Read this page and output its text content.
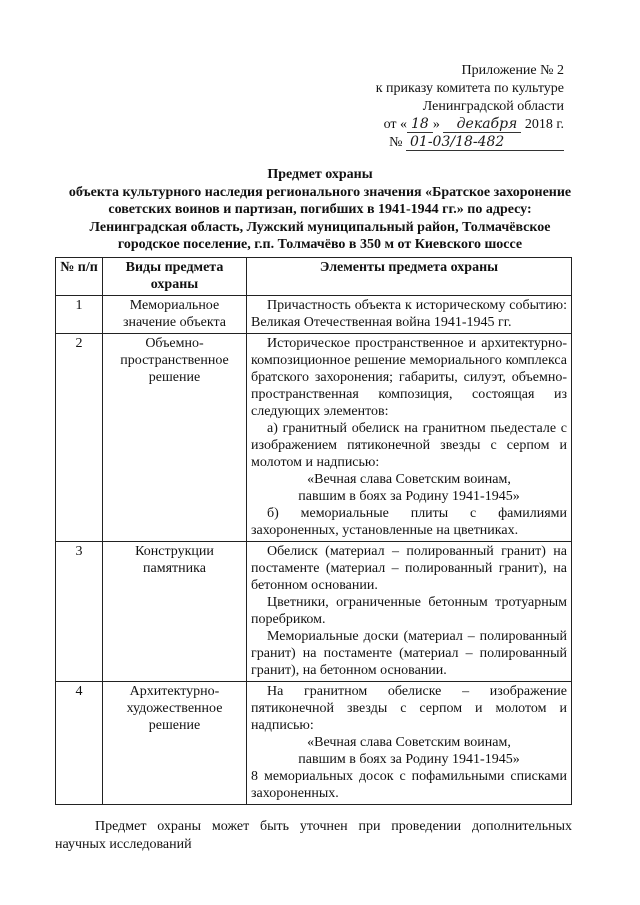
Приложение № 2
к приказу комитета по культуре
Ленинградской области
от « 18 » декабря 2018 г.
№ 01-03/18-482
Предмет охраны
объекта культурного наследия регионального значения «Братское захоронение
советских воинов и партизан, погибших в 1941-1944 гг.» по адресу:
Ленинградская область, Лужский муниципальный район, Толмачёвское
городское поселение, г.п. Толмачёво в 350 м от Киевского шоссе
№ п/п	Виды предмета охраны	Элементы предмета охраны
1	Мемориальное значение объекта	Причастность объекта к историческому событию: Великая Отечественная война 1941-1945 гг.

2	Объемно-пространственное решение	Историческое пространственное и архитектурно-композиционное решение мемориального комплекса братского захоронения; габариты, силуэт, объемно-пространственная композиция, состоящая из следующих элементов:
а) гранитный обелиск на гранитном пьедестале с изображением пятиконечной звезды с серпом и молотом и надписью:
«Вечная слава Советским воинам,
павшим в боях за Родину 1941-1945»
б) мемориальные плиты с фамилиями захороненных, установленные на цветниках.

3	Конструкции памятника	Обелиск (материал – полированный гранит) на постаменте (материал – полированный гранит), на бетонном основании.
Цветники, ограниченные бетонным тротуарным поребриком.
Мемориальные доски (материал – полированный гранит) на постаменте (материал – полированный гранит), на бетонном основании.

4	Архитектурно-художественное решение	На гранитном обелиске – изображение пятиконечной звезды с серпом и молотом и надписью:
«Вечная слава Советским воинам,
павшим в боях за Родину 1941-1945»
8 мемориальных досок с пофамильными списками захороненных.
Предмет охраны может быть уточнен при проведении дополнительных научных исследований
